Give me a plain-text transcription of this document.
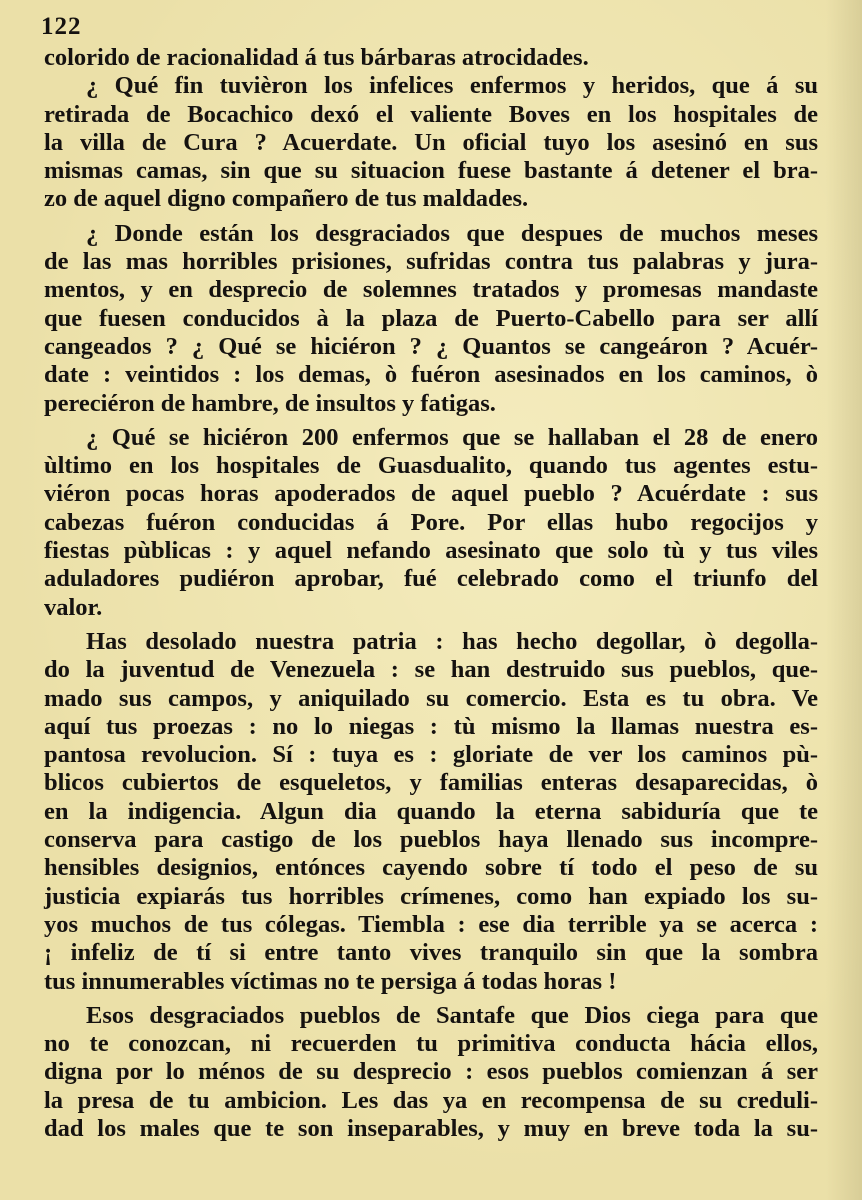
122
colorido de racionalidad á tus bárbaras atrocidades.
¿ Qué fin tuvièron los infelices enfermos y heridos, que á su
retirada de Bocachico dexó el valiente Boves en los hospitales de
la villa de Cura ? Acuerdate. Un oficial tuyo los asesinó en sus
mismas camas, sin que su situacion fuese bastante á detener el bra-
zo de aquel digno compañero de tus maldades.
¿ Donde están los desgraciados que despues de muchos meses
de las mas horribles prisiones, sufridas contra tus palabras y jura-
mentos, y en desprecio de solemnes tratados y promesas mandaste
que fuesen conducidos à la plaza de Puerto-Cabello para ser allí
cangeados ? ¿ Qué se hiciéron ? ¿ Quantos se cangeáron ? Acuér-
date : veintidos : los demas, ò fuéron asesinados en los caminos, ò
pereciéron de hambre, de insultos y fatigas.
¿ Qué se hiciéron 200 enfermos que se hallaban el 28 de enero
ùltimo en los hospitales de Guasdualito, quando tus agentes estu-
viéron pocas horas apoderados de aquel pueblo ? Acuérdate : sus
cabezas fuéron conducidas á Pore. Por ellas hubo regocijos y
fiestas pùblicas : y aquel nefando asesinato que solo tù y tus viles
aduladores pudiéron aprobar, fué celebrado como el triunfo del
valor.
Has desolado nuestra patria : has hecho degollar, ò degolla-
do la juventud de Venezuela : se han destruido sus pueblos, que-
mado sus campos, y aniquilado su comercio. Esta es tu obra. Ve
aquí tus proezas : no lo niegas : tù mismo la llamas nuestra es-
pantosa revolucion. Sí : tuya es : gloriate de ver los caminos pù-
blicos cubiertos de esqueletos, y familias enteras desaparecidas, ò
en la indigencia. Algun dia quando la eterna sabiduría que te
conserva para castigo de los pueblos haya llenado sus incompre-
hensibles designios, entónces cayendo sobre tí todo el peso de su
justicia expiarás tus horribles crímenes, como han expiado los su-
yos muchos de tus cólegas. Tiembla : ese dia terrible ya se acerca :
¡ infeliz de tí si entre tanto vives tranquilo sin que la sombra
tus innumerables víctimas no te persiga á todas horas !
Esos desgraciados pueblos de Santafe que Dios ciega para que
no te conozcan, ni recuerden tu primitiva conducta hácia ellos,
digna por lo ménos de su desprecio : esos pueblos comienzan á ser
la presa de tu ambicion. Les das ya en recompensa de su creduli-
dad los males que te son inseparables, y muy en breve toda la su-
